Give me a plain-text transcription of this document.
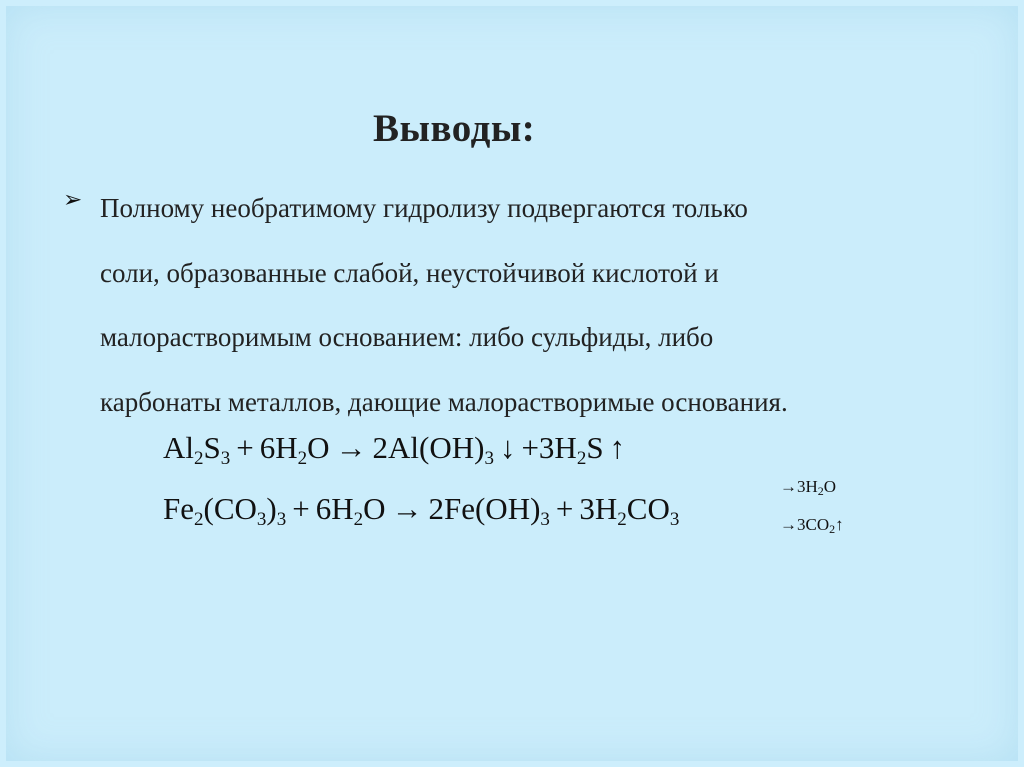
Выводы:
➢ Полному необратимому гидролизу подвергаются только
соли, образованные слабой, неустойчивой кислотой и
малорастворимым основанием: либо сульфиды, либо
карбонаты металлов, дающие малорастворимые основания.
$Al_2S_3 + 6H_2O \to 2Al(OH)_3$ ↓ $+3H_2S$ ↑
$Fe_2(CO_3)_3 + 6H_2O \to 2Fe(OH)_3 + 3H_2CO_3$
$\to 3H_2O$
$\to 3CO_2↑$
